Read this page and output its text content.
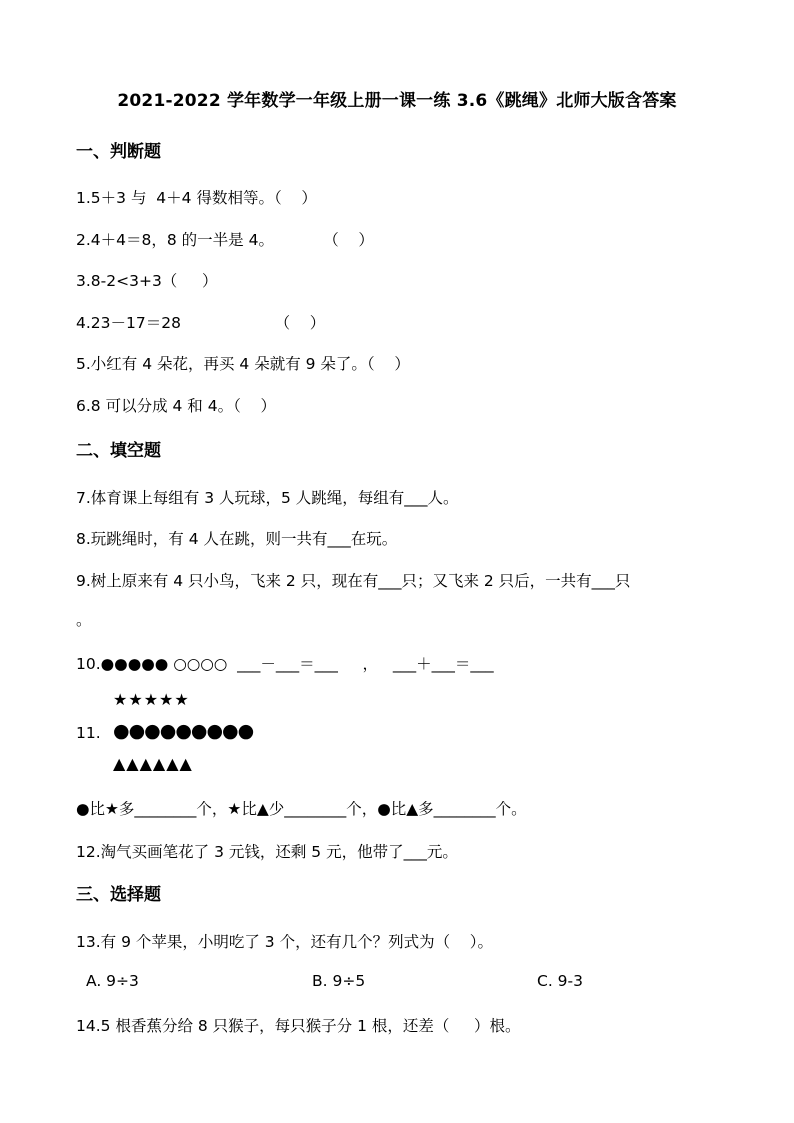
2021-2022 学年数学一年级上册一课一练 3.6《跳绳》北师大版含答案
一、判断题
1.5＋3 与  4＋4 得数相等。（    ）
2.4＋4＝8，8 的一半是 4。          （    ）
3.8-2<3+3（     ）
4.23－17＝28                   （    ）
5.小红有 4 朵花，再买 4 朵就有 9 朵了。（    ）
6.8 可以分成 4 和 4。（    ）
二、填空题
7.体育课上每组有 3 人玩球，5 人跳绳，每组有___人。
8.玩跳绳时，有 4 人在跳，则一共有___在玩。
9.树上原来有 4 只小鸟，飞来 2 只，现在有___只；又飞来 2 只后，一共有___只
。
10.●●●●● ○○○○  ___－___＝___     ，   ___＋___＝___
★★★★★
11. ●●●●●●●●●
▲▲▲▲▲▲
●比★多________个，★比▲少________个，●比▲多________个。
12.淘气买画笔花了 3 元钱，还剩 5 元，他带了___元。
三、选择题
13.有 9 个苹果，小明吃了 3 个，还有几个？列式为（    ）。
A. 9÷3	B. 9÷5	C. 9-3
14.5 根香蕉分给 8 只猴子，每只猴子分 1 根，还差（     ）根。
